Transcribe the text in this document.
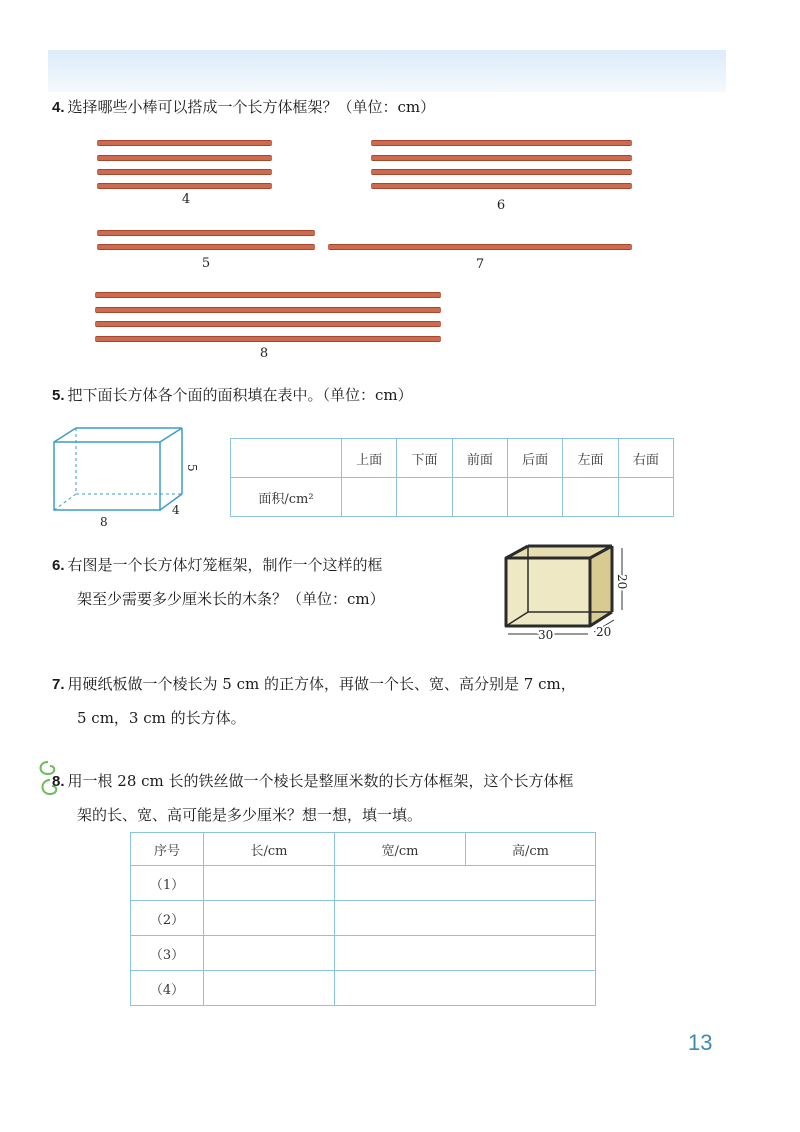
4. 选择哪些小棒可以搭成一个长方体框架？（单位：cm）
4	6
5	7
8
5. 把下面长方体各个面的面积填在表中。（单位：cm）
8
5
4
	上面	下面	前面	后面	左面	右面
面积/cm²						
6. 右图是一个长方体灯笼框架，制作一个这样的框
架至少需要多少厘米长的木条？（单位：cm）
30	20
20
7. 用硬纸板做一个棱长为 5 cm 的正方体，再做一个长、宽、高分别是 7 cm，
5 cm，3 cm 的长方体。
8. 用一根 28 cm 长的铁丝做一个棱长是整厘米数的长方体框架，这个长方体框
架的长、宽、高可能是多少厘米？想一想，填一填。
序号	长/cm	宽/cm	高/cm
（1）			
（2）			
（3）			
（4）			
13
